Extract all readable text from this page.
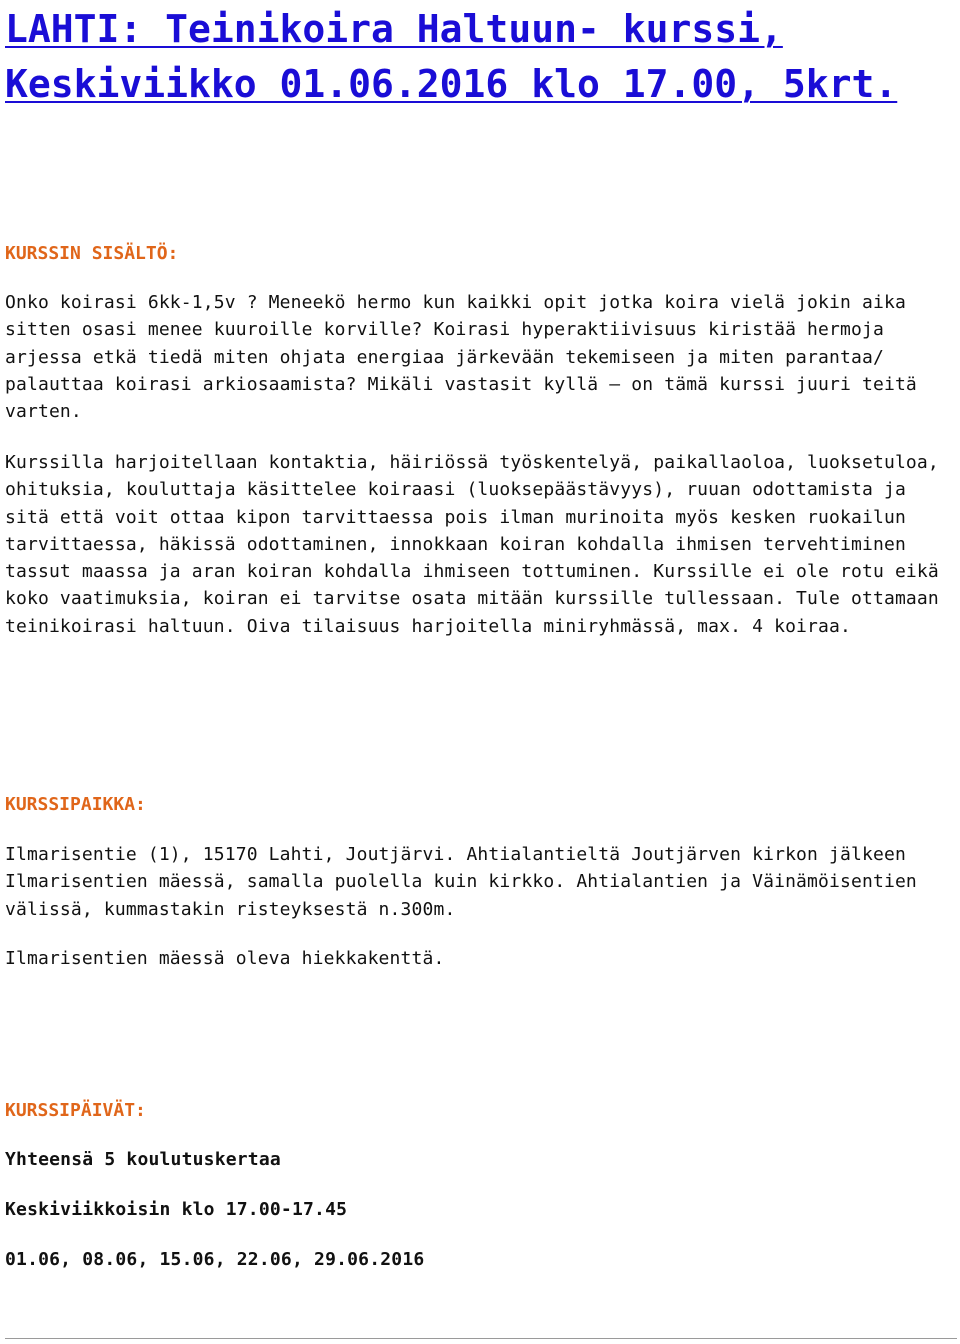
LAHTI: Teinikoira Haltuun- kurssi, Keskiviikko 01.06.2016 klo 17.00, 5krt.
KURSSIN SISÄLTÖ:

Onko koirasi 6kk-1,5v ? Meneekö hermo kun kaikki opit jotka koira vielä jokin aika sitten osasi menee kuuroille korville? Koirasi hyperaktiivisuus kiristää hermoja arjessa etkä tiedä miten ohjata energiaa järkevään tekemiseen ja miten parantaa/ palauttaa koirasi arkiosaamista? Mikäli vastasit kyllä – on tämä kurssi juuri teitä varten.

Kurssilla harjoitellaan kontaktia, häiriössä työskentelyä, paikallaoloa, luoksetuloa, ohituksia, kouluttaja käsittelee koiraasi (luoksepäästävyys), ruuan odottamista ja sitä että voit ottaa kipon tarvittaessa pois ilman murinoita myös kesken ruokailun tarvittaessa, häkissä odottaminen, innokkaan koiran kohdalla ihmisen tervehtiminen tassut maassa ja aran koiran kohdalla ihmiseen tottuminen. Kurssille ei ole rotu eikä koko vaatimuksia, koiran ei tarvitse osata mitään kurssille tullessaan. Tule ottamaan teinikoirasi haltuun. Oiva tilaisuus harjoitella miniryhmässä, max. 4 koiraa.

KURSSIPAIKKA:

Ilmarisentie (1), 15170 Lahti, Joutjärvi. Ahtialantieltä Joutjärven kirkon jälkeen Ilmarisentien mäessä, samalla puolella kuin kirkko. Ahtialantien ja Väinämöisentien välissä, kummastakin risteyksestä n.300m.

Ilmarisentien mäessä oleva hiekkakenttä.

KURSSIPÄIVÄT:

Yhteensä 5 koulutuskertaa

Keskiviikkoisin klo 17.00-17.45

01.06, 08.06, 15.06, 22.06, 29.06.2016
